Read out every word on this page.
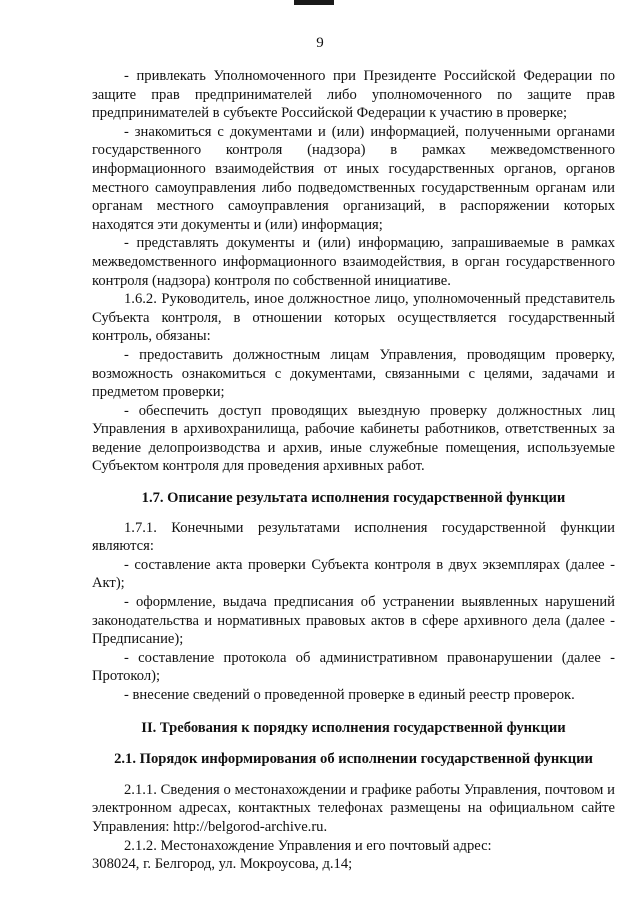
9

- привлекать Уполномоченного при Президенте Российской Федерации по защите прав предпринимателей либо уполномоченного по защите прав предпринимателей в субъекте Российской Федерации к участию в проверке;

- знакомиться с документами и (или) информацией, полученными органами государственного контроля (надзора) в рамках межведомственного информационного взаимодействия от иных государственных органов, органов местного самоуправления либо подведомственных государственным органам или органам местного самоуправления организаций, в распоряжении которых находятся эти документы и (или) информация;

- представлять документы и (или) информацию, запрашиваемые в рамках межведомственного информационного взаимодействия, в орган государственного контроля (надзора) контроля по собственной инициативе.

1.6.2. Руководитель, иное должностное лицо, уполномоченный представитель Субъекта контроля, в отношении которых осуществляется государственный контроль, обязаны:

- предоставить должностным лицам Управления, проводящим проверку, возможность ознакомиться с документами, связанными с целями, задачами и предметом проверки;

- обеспечить доступ проводящих выездную проверку должностных лиц Управления в архивохранилища, рабочие кабинеты работников, ответственных за ведение делопроизводства и архив, иные служебные помещения, используемые Субъектом контроля для проведения архивных работ.

1.7. Описание результата исполнения государственной функции

1.7.1. Конечными результатами исполнения государственной функции являются:

- составление акта проверки Субъекта контроля в двух экземплярах (далее - Акт);

- оформление, выдача предписания об устранении выявленных нарушений законодательства и нормативных правовых актов в сфере архивного дела (далее - Предписание);

- составление протокола об административном правонарушении (далее - Протокол);

- внесение сведений о проведенной проверке в единый реестр проверок.

II. Требования к порядку исполнения государственной функции
2.1. Порядок информирования об исполнении государственной функции

2.1.1. Сведения о местонахождении и графике работы Управления, почтовом и электронном адресах, контактных телефонах размещены на официальном сайте Управления: http://belgorod-archive.ru.

2.1.2. Местонахождение Управления и его почтовый адрес:

308024, г. Белгород, ул. Мокроусова, д.14;
